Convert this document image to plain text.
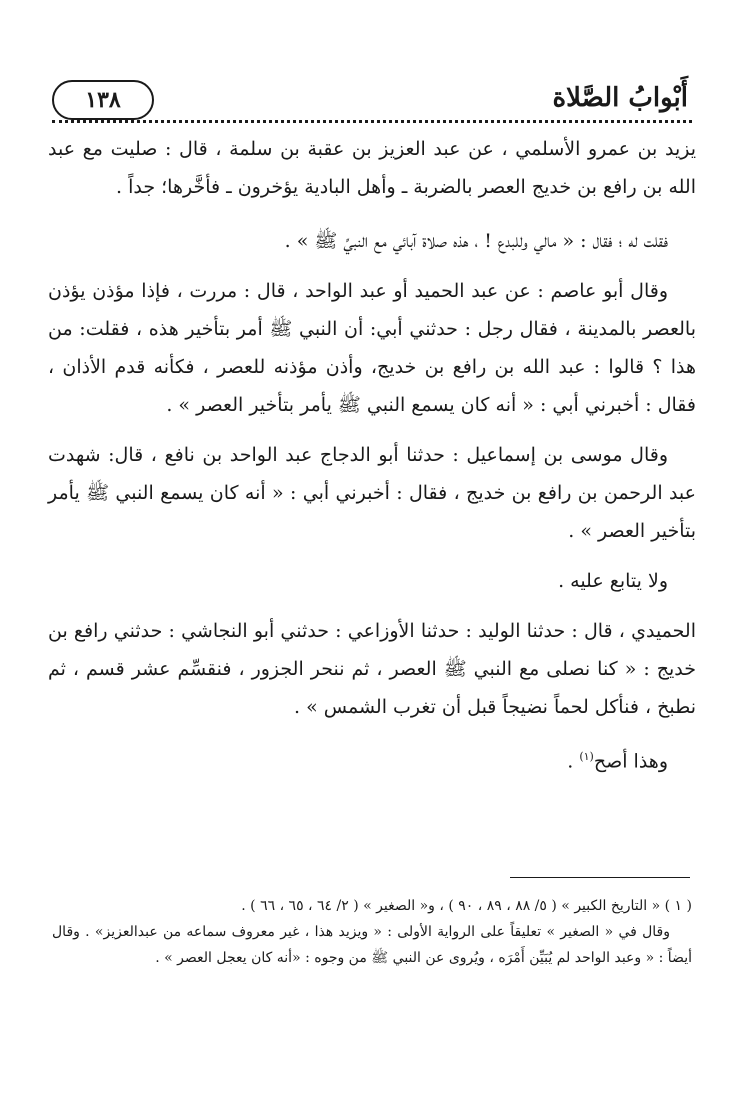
١٣٨	أَبْوابُ الصَّلاة

يزيد بن عمرو الأسلمي ، عن عبد العزيز بن عقبة بن سلمة ، قال : صليت مع عبد الله بن رافع بن خديج العصر بالضربة ـ وأهل البادية يؤخرون ـ فأخَّرها؛ جداً .

فقلت له ؛ فقال : « مالي وللبدع ! ، هذه صلاة آبائي مع النبيِّ ﷺ » .

وقال أبو عاصم : عن عبد الحميد أو عبد الواحد ، قال : مررت ، فإذا مؤذن يؤذن بالعصر بالمدينة ، فقال رجل : حدثني أبي: أن النبي ﷺ أمر بتأخير هذه ، فقلت: من هذا ؟ قالوا : عبد الله بن رافع بن خديج، وأذن مؤذنه للعصر ، فكأنه قدم الأذان ، فقال : أخبرني أبي : « أنه كان يسمع النبي ﷺ يأمر بتأخير العصر » .

وقال موسى بن إسماعيل : حدثنا أبو الدجاج عبد الواحد بن نافع ، قال: شهدت عبد الرحمن بن رافع بن خديج ، فقال : أخبرني أبي : « أنه كان يسمع النبي ﷺ يأمر بتأخير العصر » .

ولا يتابع عليه .

الحميدي ، قال : حدثنا الوليد : حدثنا الأوزاعي : حدثني أبو النجاشي : حدثني رافع بن خديج : « كنا نصلى مع النبي ﷺ العصر ، ثم ننحر الجزور ، فنقسِّم عشر قسم ، ثم نطبخ ، فنأكل لحماً نضيجاً قبل أن تغرب الشمس » .

وهذا أصح$^{(١)}$ .

( ١ ) « التاريخ الكبير » ( ٥/ ٨٨ ، ٨٩ ، ٩٠ ) ، و« الصغير » ( ٢/ ٦٤ ، ٦٥ ، ٦٦ ) .

وقال في « الصغير » تعليقاً على الرواية الأولى : « ويزيد هذا ، غير معروف سماعه من عبدالعزيز» . وقال أيضاً : « وعبد الواحد لم يُبَيِّن أَمْرَه ، ويُروى عن النبي ﷺ من وجوه : «أنه كان يعجل العصر » .
